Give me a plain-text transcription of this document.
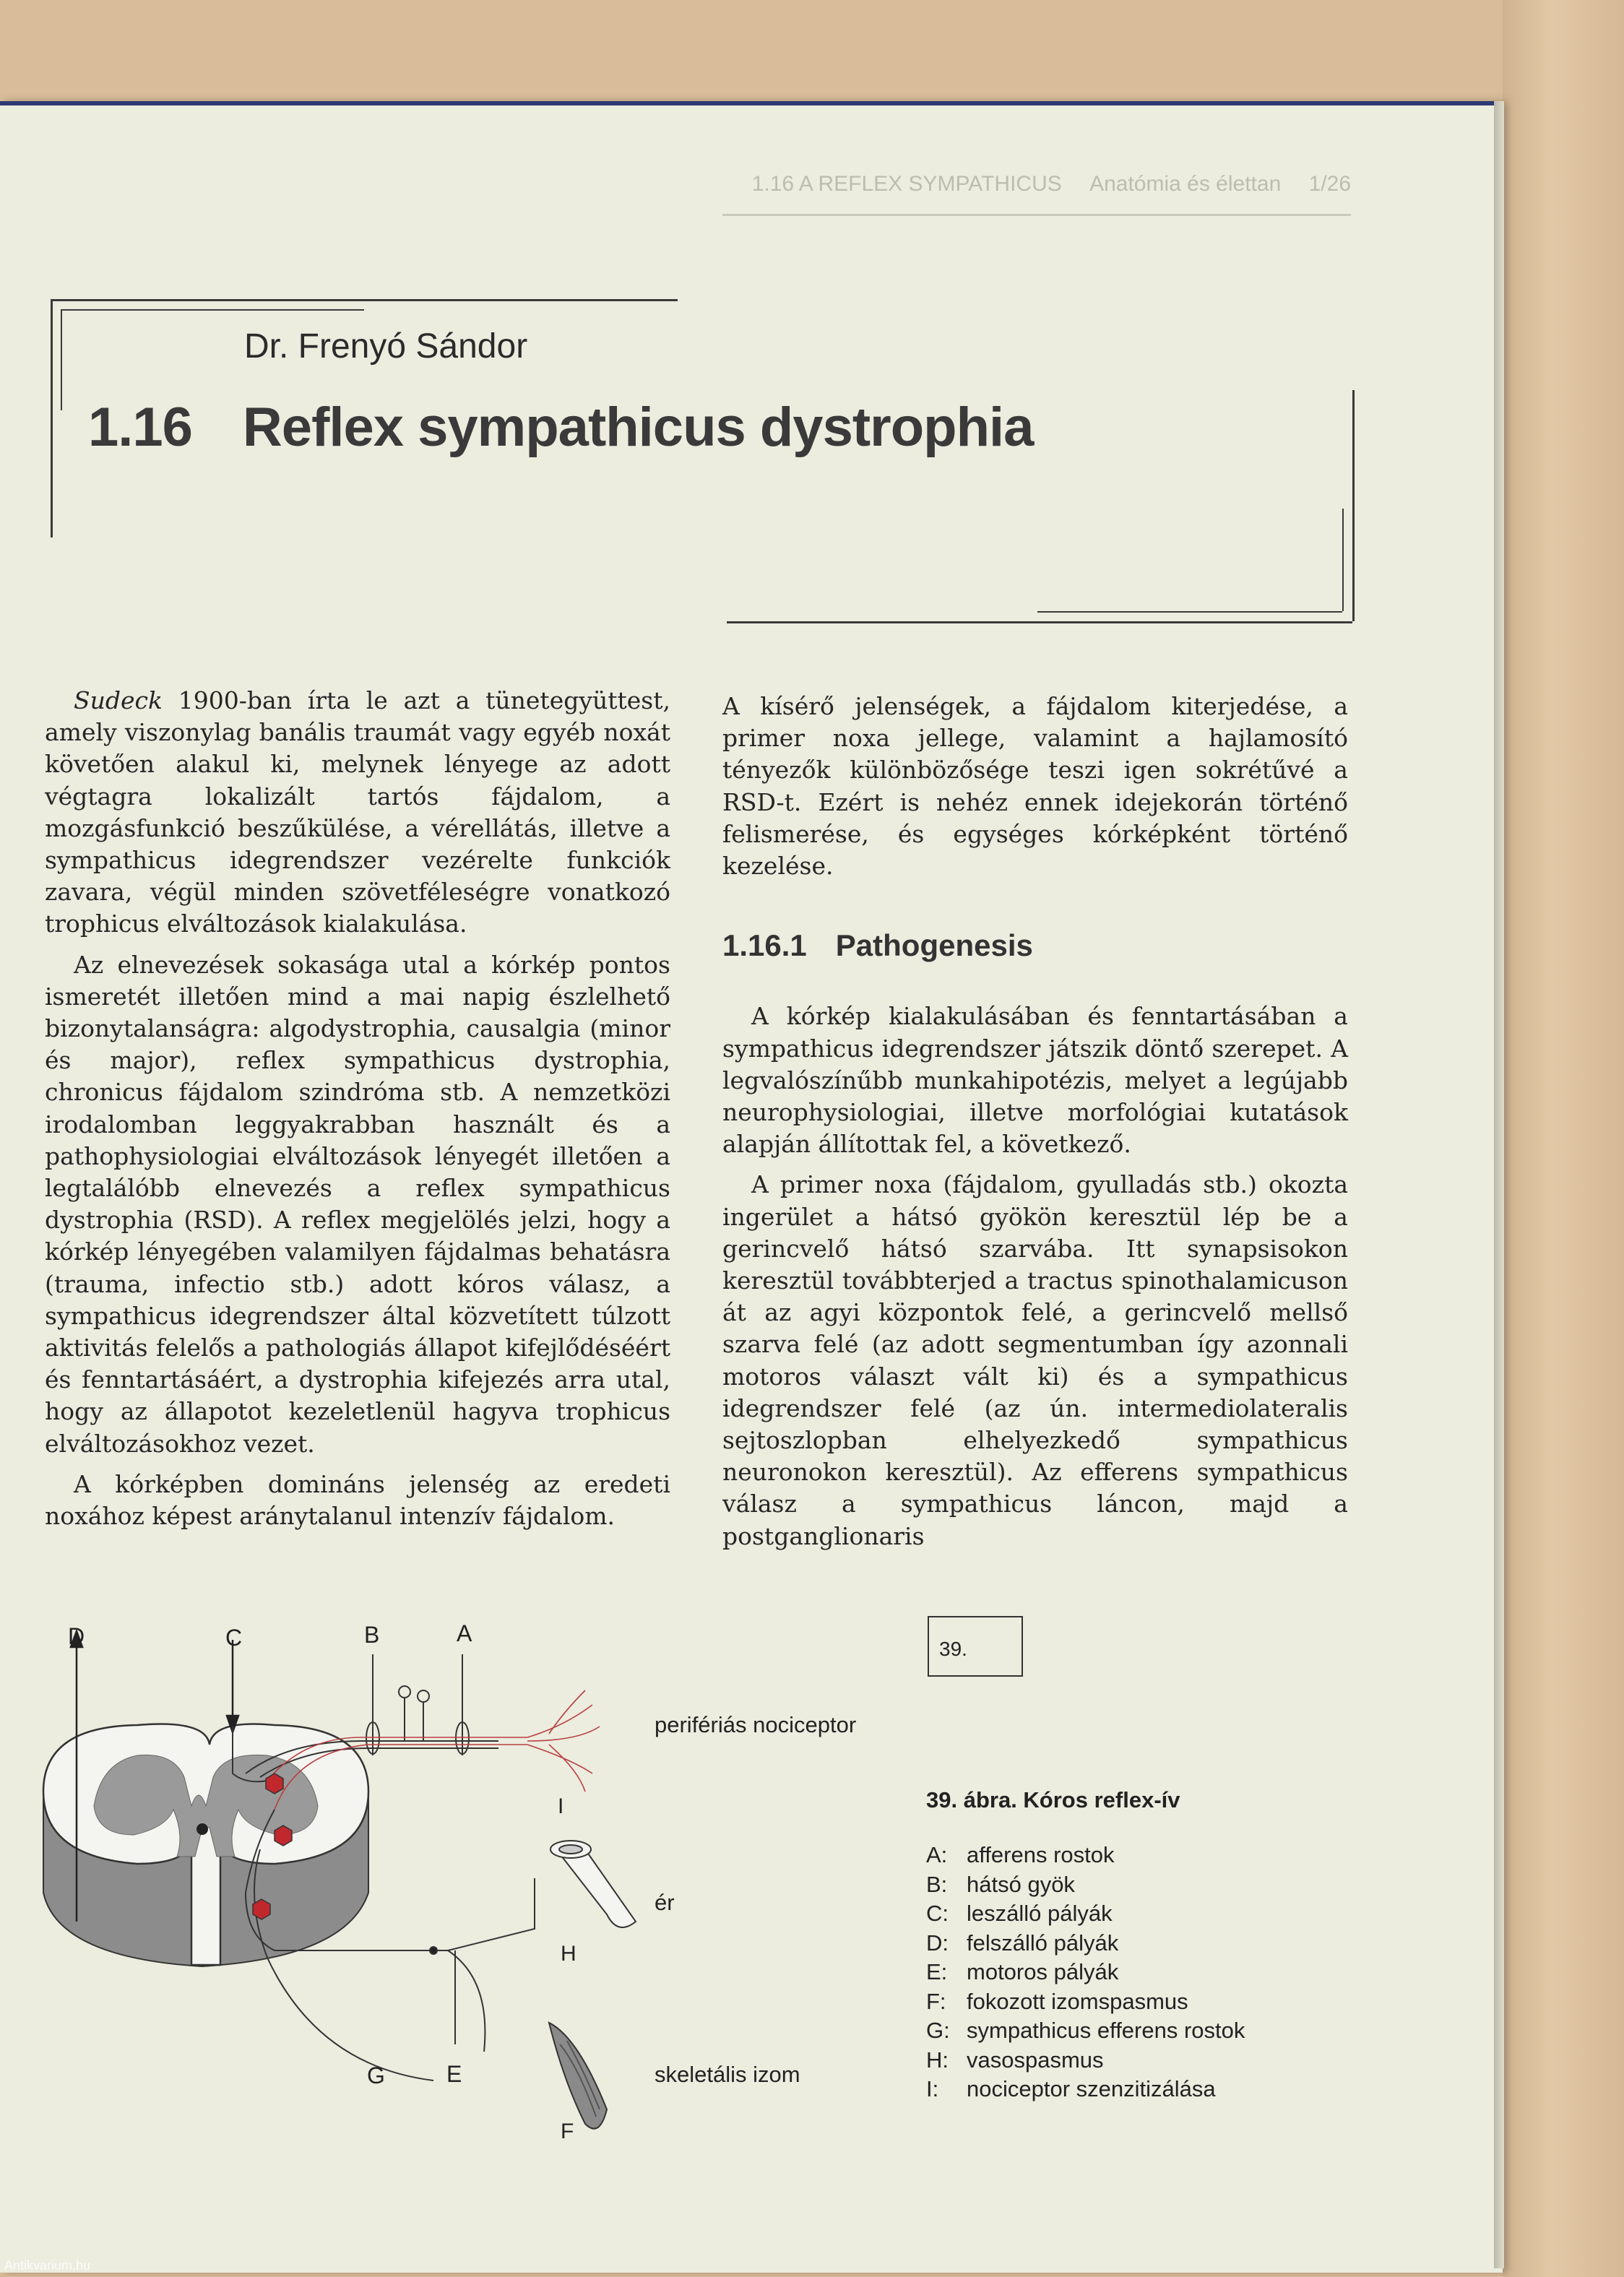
1.16 A REFLEX SYMPATHICUS Anatómia és élettan 1/26
Dr. Frenyó Sándor
1.16 Reflex sympathicus dystrophia

Sudeck 1900-ban írta le azt a tünetegyüttest, amely viszonylag banális traumát vagy egyéb noxát követően alakul ki, melynek lényege az adott végtagra lokalizált tartós fájdalom, a mozgásfunkció beszűkülése, a vérellátás, illetve a sympathicus idegrendszer vezérelte funkciók zavara, végül minden szövetféleségre vonatkozó trophicus elváltozások kialakulása.

Az elnevezések sokasága utal a kórkép pontos ismeretét illetően mind a mai napig észlelhető bizonytalanságra: algodystrophia, causalgia (minor és major), reflex sympathicus dystrophia, chronicus fájdalom szindróma stb. A nemzetközi irodalomban leggyakrabban használt és a pathophysiologiai elváltozások lényegét illetően a legtalálóbb elnevezés a reflex sympathicus dystrophia (RSD). A reflex megjelölés jelzi, hogy a kórkép lényegében valamilyen fájdalmas behatásra (trauma, infectio stb.) adott kóros válasz, a sympathicus idegrendszer által közvetített túlzott aktivitás felelős a pathologiás állapot kifejlődéséért és fenntartásáért, a dystrophia kifejezés arra utal, hogy az állapotot kezeletlenül hagyva trophicus elváltozásokhoz vezet.

A kórképben domináns jelenség az eredeti noxához képest aránytalanul intenzív fájdalom.

A kísérő jelenségek, a fájdalom kiterjedése, a primer noxa jellege, valamint a hajlamosító tényezők különbözősége teszi igen sokrétűvé a RSD-t. Ezért is nehéz ennek idejekorán történő felismerése, és egységes kórképként történő kezelése.

1.16.1 Pathogenesis

A kórkép kialakulásában és fenntartásában a sympathicus idegrendszer játszik döntő szerepet. A legvalószínűbb munkahipotézis, melyet a legújabb neurophysiologiai, illetve morfológiai kutatások alapján állítottak fel, a következő.

A primer noxa (fájdalom, gyulladás stb.) okozta ingerület a hátsó gyökön keresztül lép be a gerincvelő hátsó szarvába. Itt synapsisokon keresztül továbbterjed a tractus spinothalamicuson át az agyi központok felé, a gerincvelő mellső szarva felé (az adott segmentumban így azonnali motoros választ vált ki) és a sympathicus idegrendszer felé (az ún. intermediolateralis sejtoszlopban elhelyezkedő sympathicus neuronokon keresztül). Az efferens sympathicus válasz a sympathicus láncon, majd a postganglionaris

D	C	B	A
I
H
G	E
F
perifériás nociceptor
ér
skeletális izom
39.
39. ábra. Kóros reflex-ív
A: afferens rostok
B: hátsó gyök
C: leszálló pályák
D: felszálló pályák
E: motoros pályák
F: fokozott izomspasmus
G: sympathicus efferens rostok
H: vasospasmus
I:	nociceptor szenzitizálása
Antikvarium.hu
